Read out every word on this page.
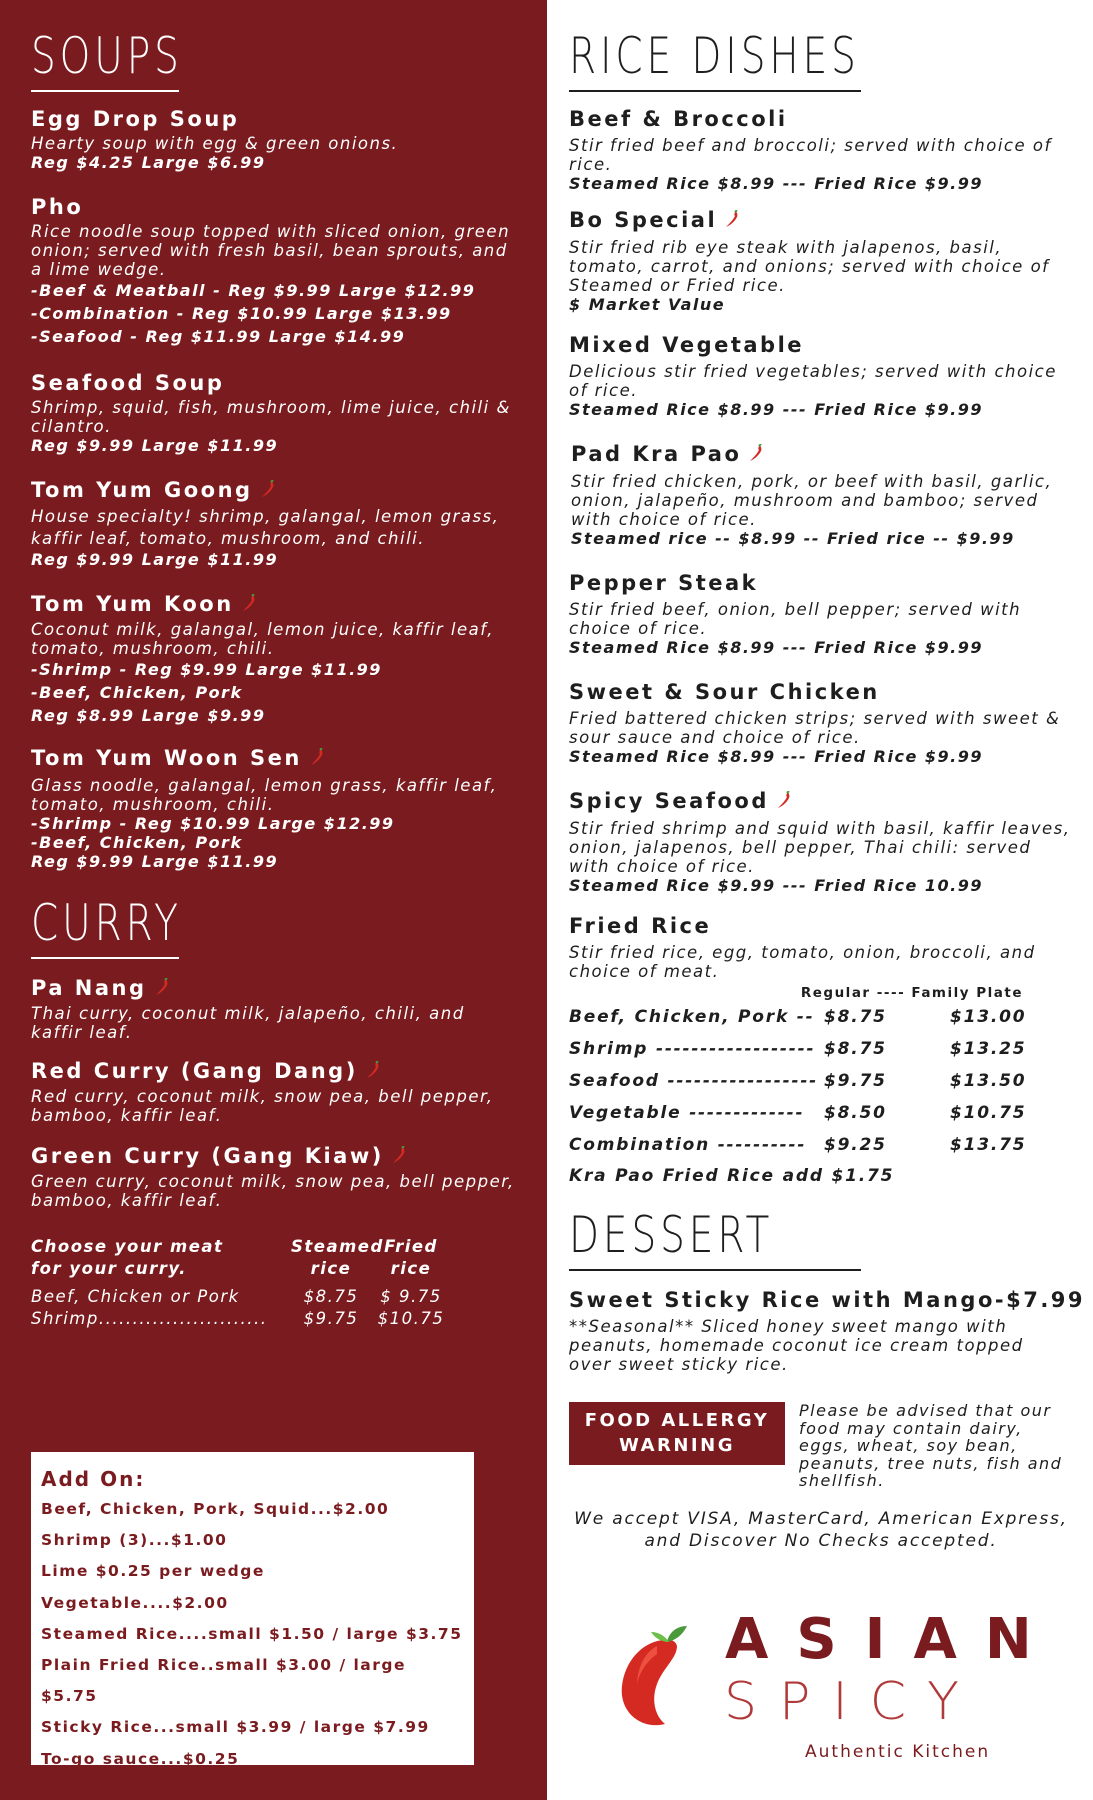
SOUPS
Egg Drop Soup
Hearty soup with egg & green onions.
Reg $4.25 Large $6.99
Pho
Rice noodle soup topped with sliced onion, green onion; served with fresh basil, bean sprouts, and a lime wedge.
-Beef & Meatball - Reg $9.99 Large $12.99
-Combination - Reg $10.99 Large $13.99
-Seafood - Reg $11.99 Large $14.99
Seafood Soup
Shrimp, squid, fish, mushroom, lime juice, chili & cilantro.
Reg $9.99 Large $11.99
Tom Yum Goong
House specialty! shrimp, galangal, lemon grass, kaffir leaf, tomato, mushroom, and chili.
Reg $9.99 Large $11.99
Tom Yum Koon
Coconut milk, galangal, lemon juice, kaffir leaf, tomato, mushroom, chili.
-Shrimp - Reg $9.99 Large $11.99
-Beef, Chicken, Pork
Reg $8.99 Large $9.99
Tom Yum Woon Sen
Glass noodle, galangal, lemon grass, kaffir leaf, tomato, mushroom, chili.
-Shrimp - Reg $10.99 Large $12.99
-Beef, Chicken, Pork
Reg $9.99 Large $11.99
CURRY
Pa Nang
Thai curry, coconut milk, jalapeño, chili, and kaffir leaf.
Red Curry (Gang Dang)
Red curry, coconut milk, snow pea, bell pepper, bamboo, kaffir leaf.
Green Curry (Gang Kiaw)
Green curry, coconut milk, snow pea, bell pepper, bamboo, kaffir leaf.
Choose your meat	Steamed Fried
for your curry.	rice	rice
Beef, Chicken or Pork	$8.75	$ 9.75
Shrimp.........................	$9.75	$10.75
Add On:
Beef, Chicken, Pork, Squid...$2.00
Shrimp (3)...$1.00
Lime $0.25 per wedge
Vegetable....$2.00
Steamed Rice....small $1.50 / large $3.75
Plain Fried Rice..small $3.00 / large $5.75
Sticky Rice...small $3.99 / large $7.99
To-go sauce...$0.25
RICE DISHES
Beef & Broccoli
Stir fried beef and broccoli; served with choice of rice.
Steamed Rice $8.99 --- Fried Rice $9.99
Bo Special
Stir fried rib eye steak with jalapenos, basil, tomato, carrot, and onions; served with choice of Steamed or Fried rice.
$ Market Value
Mixed Vegetable
Delicious stir fried vegetables; served with choice of rice.
Steamed Rice $8.99 --- Fried Rice $9.99
Pad Kra Pao
Stir fried chicken, pork, or beef with basil, garlic, onion, jalapeño, mushroom and bamboo; served with choice of rice.
Steamed rice -- $8.99 -- Fried rice -- $9.99
Pepper Steak
Stir fried beef, onion, bell pepper; served with choice of rice.
Steamed Rice $8.99 --- Fried Rice $9.99
Sweet & Sour Chicken
Fried battered chicken strips; served with sweet & sour sauce and choice of rice.
Steamed Rice $8.99 --- Fried Rice $9.99
Spicy Seafood
Stir fried shrimp and squid with basil, kaffir leaves, onion, jalapenos, bell pepper, Thai chili: served with choice of rice.
Steamed Rice $9.99 --- Fried Rice 10.99
Fried Rice
Stir fried rice, egg, tomato, onion, broccoli, and choice of meat.
Regular ---- Family Plate
Beef, Chicken, Pork -- $8.75	$13.00
Shrimp ------------------ $8.75	$13.25
Seafood ----------------- $9.75	$13.50
Vegetable -------------	$8.50	$10.75
Combination ----------	$9.25	$13.75
Kra Pao Fried Rice add $1.75
DESSERT
Sweet Sticky Rice with Mango-$7.99
**Seasonal** Sliced honey sweet mango with peanuts, homemade coconut ice cream topped over sweet sticky rice.
FOOD ALLERGY
WARNING
Please be advised that our food may contain dairy, eggs, wheat, soy bean, peanuts, tree nuts, fish and shellfish.
We accept VISA, MasterCard, American Express, and Discover No Checks accepted.
ASIAN
SPICY
Authentic Kitchen
